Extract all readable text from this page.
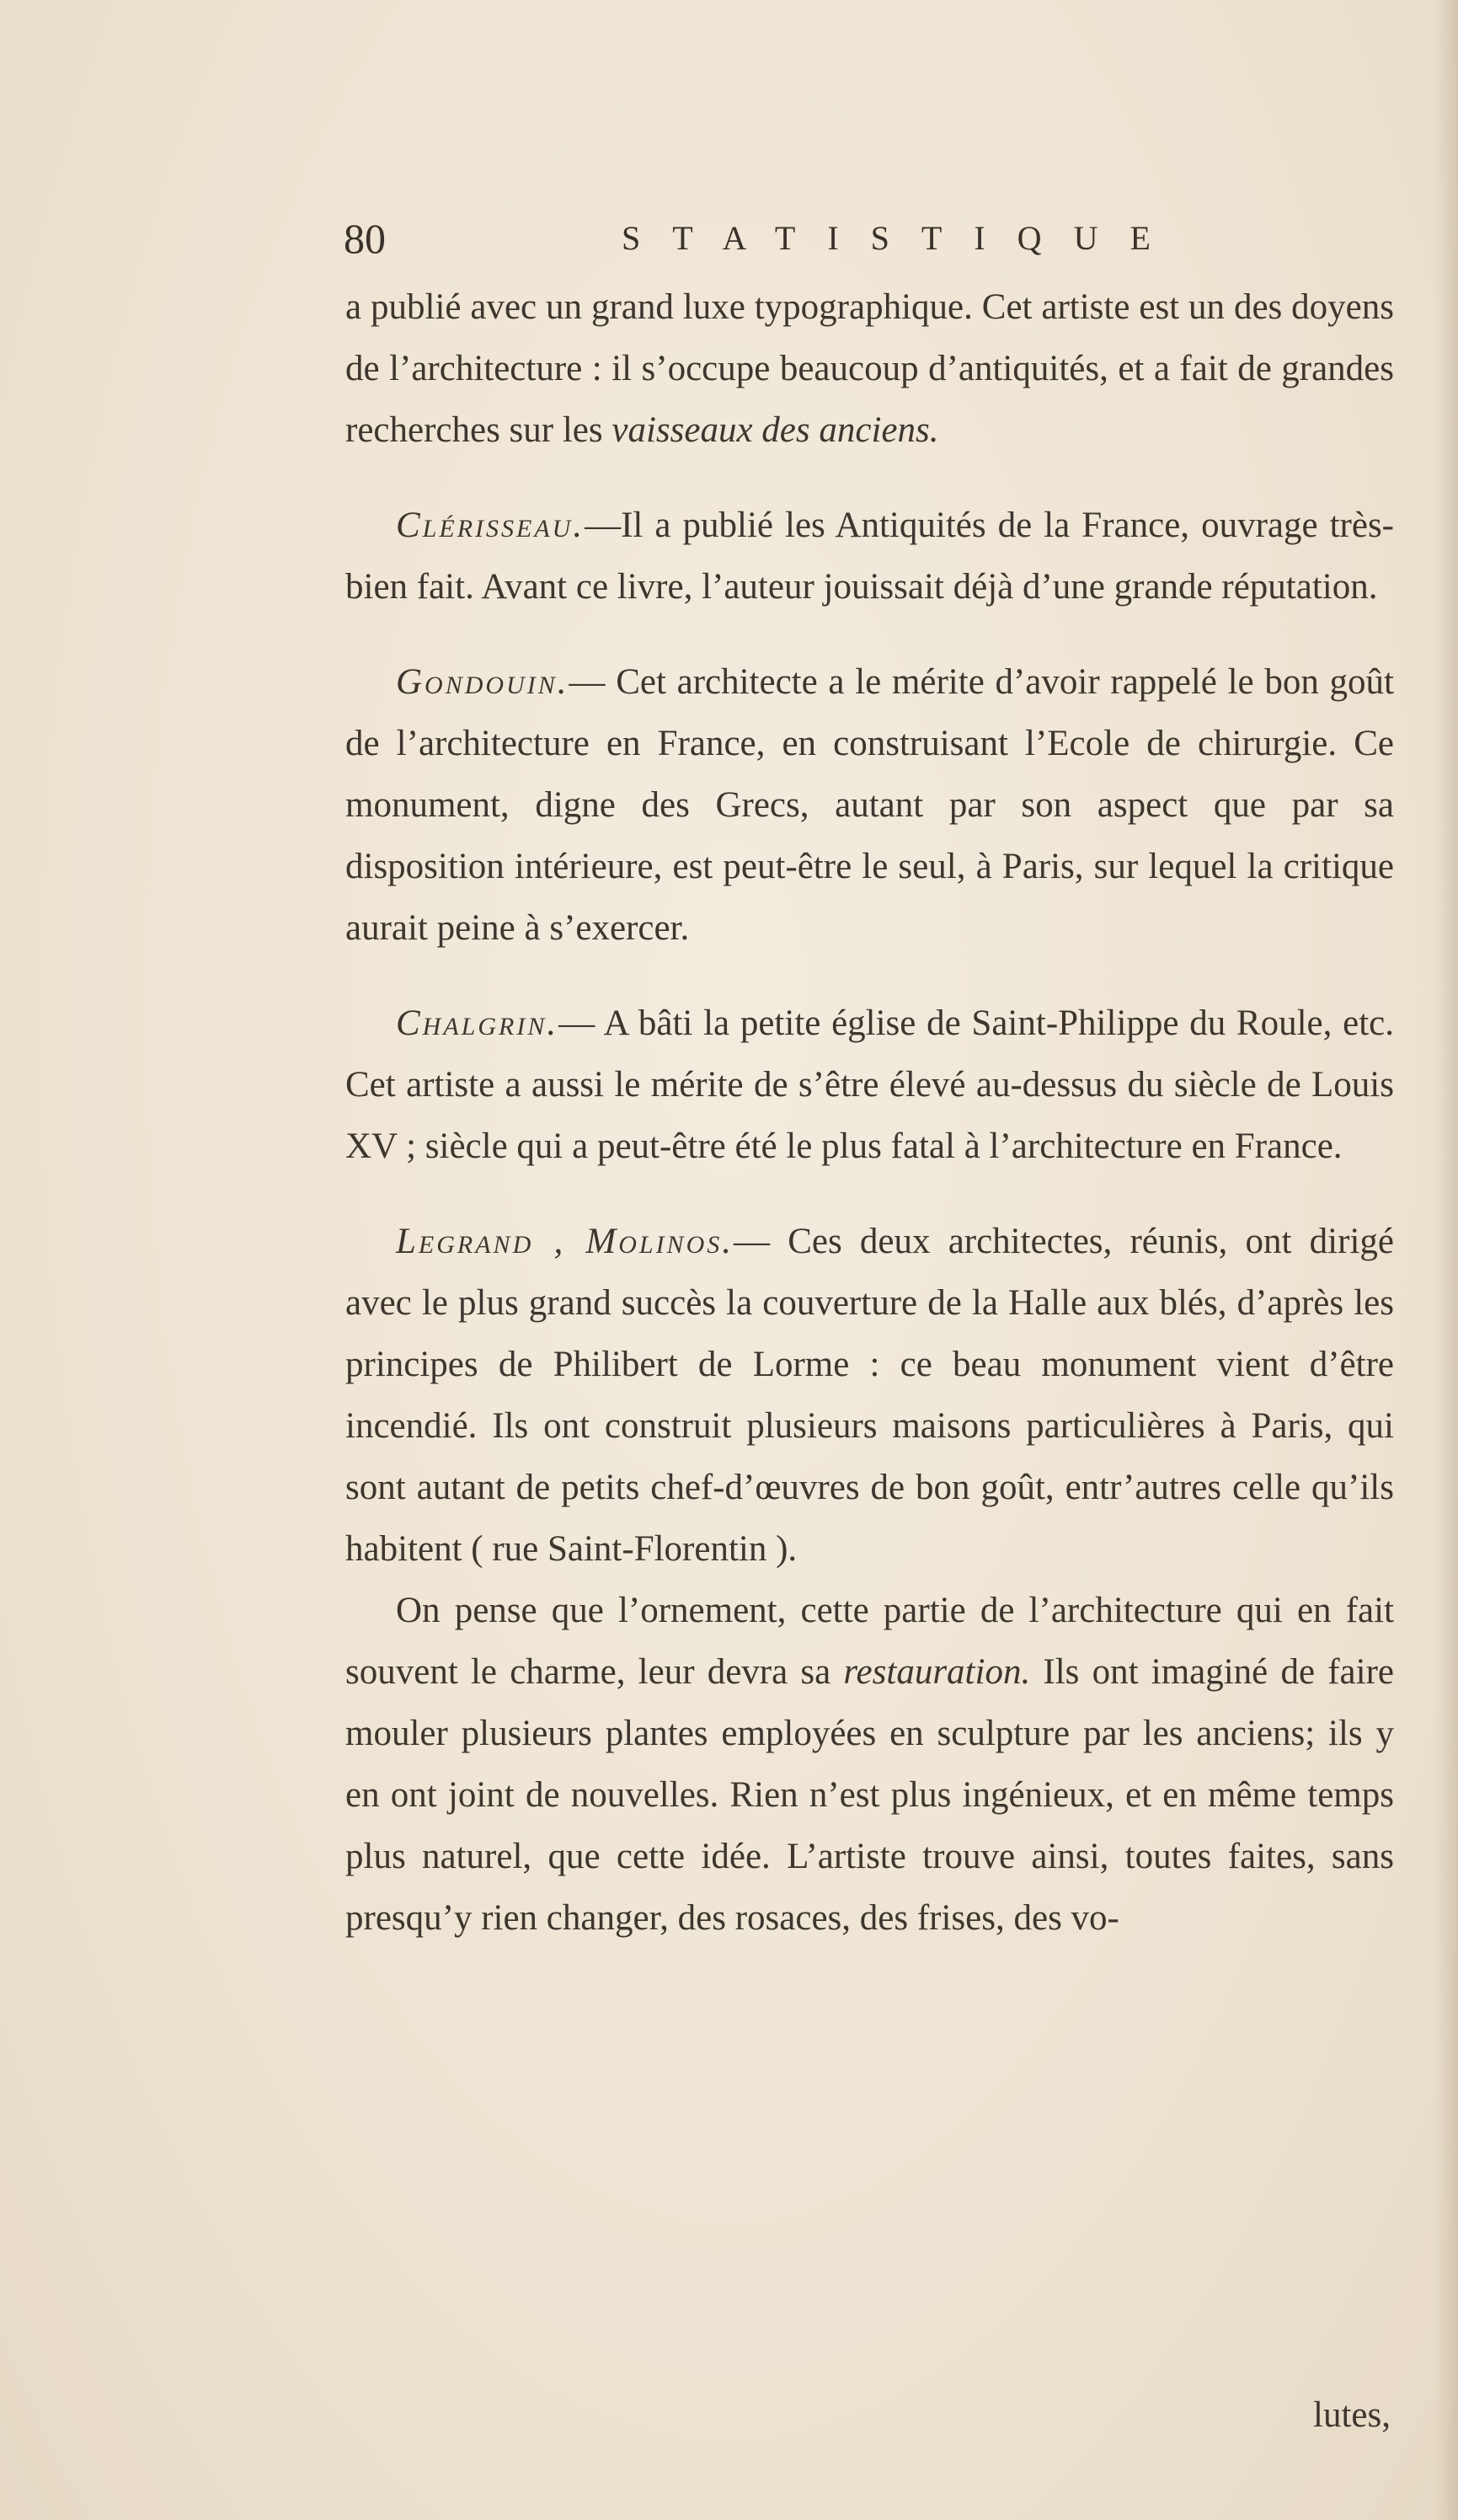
80	STATISTIQUE

a publié avec un grand luxe typographique. Cet artiste est un des doyens de l’architecture : il s’occupe beaucoup d’antiquités, et a fait de grandes recherches sur les vaisseaux des anciens.

Clérisseau.—Il a publié les Antiquités de la France, ouvrage très-bien fait. Avant ce livre, l’auteur jouissait déjà d’une grande réputation.

Gondouin.— Cet architecte a le mérite d’avoir rappelé le bon goût de l’architecture en France, en construisant l’Ecole de chirurgie. Ce monument, digne des Grecs, autant par son aspect que par sa disposition intérieure, est peut-être le seul, à Paris, sur lequel la critique aurait peine à s’exercer.

Chalgrin.— A bâti la petite église de Saint-Philippe du Roule, etc. Cet artiste a aussi le mérite de s’être élevé au-dessus du siècle de Louis XV ; siècle qui a peut-être été le plus fatal à l’architecture en France.

Legrand , Molinos.— Ces deux architectes, réunis, ont dirigé avec le plus grand succès la couverture de la Halle aux blés, d’après les principes de Philibert de Lorme : ce beau monument vient d’être incendié. Ils ont construit plusieurs maisons particulières à Paris, qui sont autant de petits chef-d’œuvres de bon goût, entr’autres celle qu’ils habitent ( rue Saint-Florentin ).

On pense que l’ornement, cette partie de l’architecture qui en fait souvent le charme, leur devra sa restauration. Ils ont imaginé de faire mouler plusieurs plantes employées en sculpture par les anciens; ils y en ont joint de nouvelles. Rien n’est plus ingénieux, et en même temps plus naturel, que cette idée. L’artiste trouve ainsi, toutes faites, sans presqu’y rien changer, des rosaces, des frises, des vo-

lutes,
